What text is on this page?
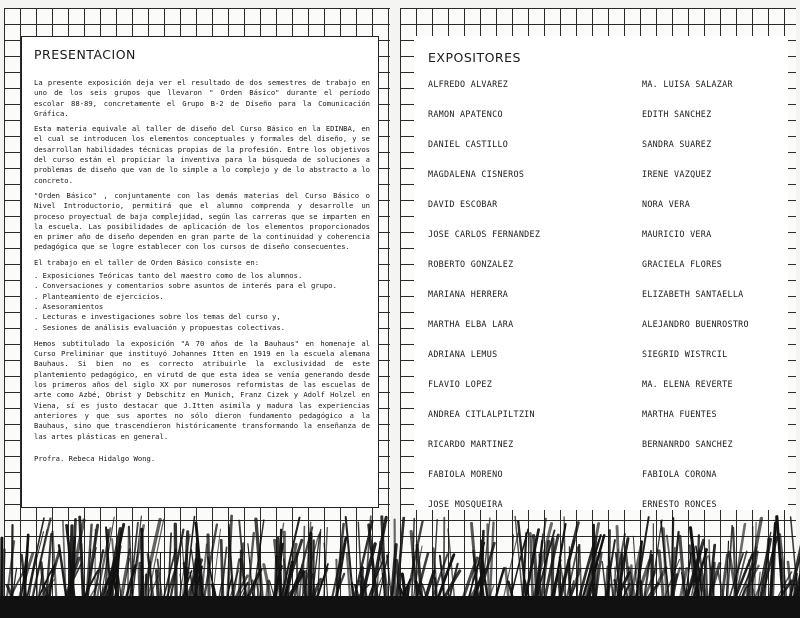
PRESENTACION

La presente exposición deja ver el resultado de dos semestres de trabajo en uno de los seis grupos que llevaron " Orden Básico" durante el período escolar 88-89, concretamente el Grupo B-2 de Diseño para la Comunicación Gráfica.

Esta materia equivale al taller de diseño del Curso Básico en la EDINBA, en el cual se introducen los elementos conceptuales y formales del diseño, y se desarrollan habilidades técnicas propias de la profesión. Entre los objetivos del curso están el propiciar la inventiva para la búsqueda de soluciones a problemas de diseño que van de lo simple a lo complejo y de lo abstracto a lo concreto.

"Orden Básico" , conjuntamente con las demás materias del Curso Básico o Nivel Introductorio, permitirá que el alumno comprenda y desarrolle un proceso proyectual de baja complejidad, según las carreras que se imparten en la escuela. Las posibilidades de aplicación de los elementos proporcionados en primer año de diseño dependen en gran parte de la continuidad y coherencia pedagógica que se logre establecer con los cursos de diseño consecuentes.

El trabajo en el taller de Orden Básico consiste en:

. Exposiciones Teóricas tanto del maestro como de los alumnos.
. Conversaciones y comentarios sobre asuntos de interés para el grupo.
. Planteamiento de ejercicios.
. Asesoramientos
. Lecturas e investigaciones sobre los temas del curso y,
. Sesiones de análisis evaluación y propuestas colectivas.

Hemos subtitulado la exposición "A 70 años de la Bauhaus" en homenaje al Curso Preliminar que instituyó Johannes Itten en 1919 en la escuela alemana Bauhaus. Si bien no es correcto atribuirle la exclusividad de este plantemiento pedagógico, en virutd de que esta idea se venía generando desde los primeros años del siglo XX por numerosos reformistas de las escuelas de arte como Azbé, Obrist y Debschitz en Munich, Franz Cizek y Adolf Holzel en Viena, sí es justo destacar que J.Itten asimila y madura las experiencias anteriores y que sus aportes no sólo dieron fundamento pedagógico a la Bauhaus, sino que trascendieron históricamente transformando la enseñanza de las artes plásticas en general.

Profra. Rebeca Hidalgo Wong.
EXPOSITORES
ALFREDO ALVAREZ
RAMON APATENCO
DANIEL CASTILLO
MAGDALENA CISNEROS
DAVID ESCOBAR
JOSE CARLOS FERNANDEZ
ROBERTO GONZALEZ
MARIANA HERRERA
MARTHA ELBA LARA
ADRIANA LEMUS
FLAVIO LOPEZ
ANDREA CITLALPILTZIN
RICARDO MARTINEZ
FABIOLA MORENO
JOSE MOSQUEIRA
MA. LUISA SALAZAR
EDITH SANCHEZ
SANDRA SUAREZ
IRENE VAZQUEZ
NORA VERA
MAURICIO VERA
GRACIELA FLORES
ELIZABETH SANTAELLA
ALEJANDRO BUENROSTRO
SIEGRID WISTRCIL
MA. ELENA REVERTE
MARTHA FUENTES
BERNANRDO SANCHEZ
FABIOLA CORONA
ERNESTO RONCES
